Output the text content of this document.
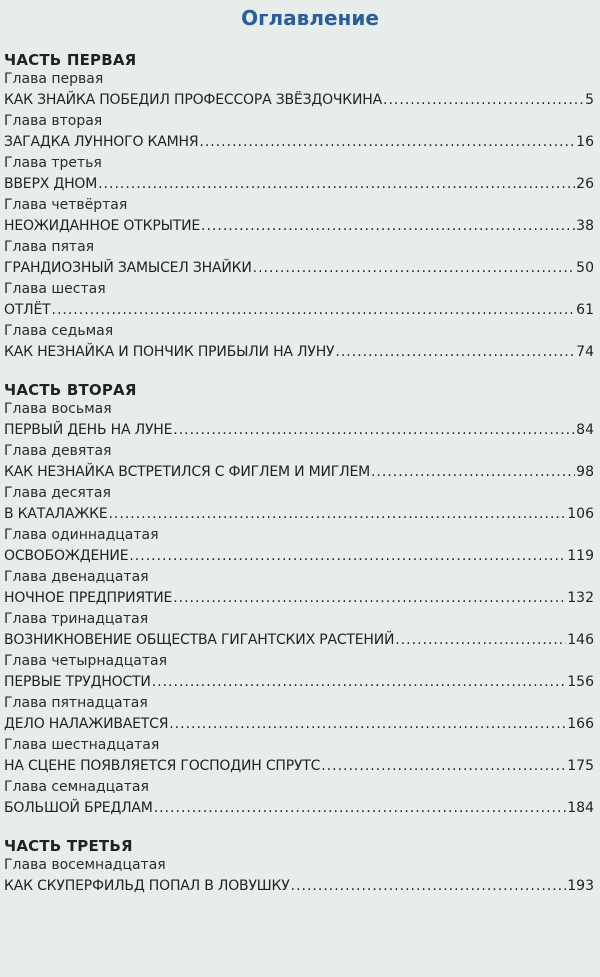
Оглавление
ЧАСТЬ ПЕРВАЯ
Глава первая
КАК ЗНАЙКА ПОБЕДИЛ ПРОФЕССОРА ЗВЁЗДОЧКИНА .....	5
Глава вторая
ЗАГАДКА ЛУННОГО КАМНЯ .....	16
Глава третья
ВВЕРХ ДНОМ .....	26
Глава четвёртая
НЕОЖИДАННОЕ ОТКРЫТИЕ .....	38
Глава пятая
ГРАНДИОЗНЫЙ ЗАМЫСЕЛ ЗНАЙКИ .....	50
Глава шестая
ОТЛЁТ .....	61
Глава седьмая
КАК НЕЗНАЙКА И ПОНЧИК ПРИБЫЛИ НА ЛУНУ .....	74
ЧАСТЬ ВТОРАЯ
Глава восьмая
ПЕРВЫЙ ДЕНЬ НА ЛУНЕ .....	84
Глава девятая
КАК НЕЗНАЙКА ВСТРЕТИЛСЯ С ФИГЛЕМ И МИГЛЕМ .....	98
Глава десятая
В КАТАЛАЖКЕ .....	106
Глава одиннадцатая
ОСВОБОЖДЕНИЕ .....	119
Глава двенадцатая
НОЧНОЕ ПРЕДПРИЯТИЕ .....	132
Глава тринадцатая
ВОЗНИКНОВЕНИЕ ОБЩЕСТВА ГИГАНТСКИХ РАСТЕНИЙ .....	146
Глава четырнадцатая
ПЕРВЫЕ ТРУДНОСТИ .....	156
Глава пятнадцатая
ДЕЛО НАЛАЖИВАЕТСЯ .....	166
Глава шестнадцатая
НА СЦЕНЕ ПОЯВЛЯЕТСЯ ГОСПОДИН СПРУТС .....	175
Глава семнадцатая
БОЛЬШОЙ БРЕДЛАМ .....	184
ЧАСТЬ ТРЕТЬЯ
Глава восемнадцатая
КАК СКУПЕРФИЛЬД ПОПАЛ В ЛОВУШКУ .....	193
